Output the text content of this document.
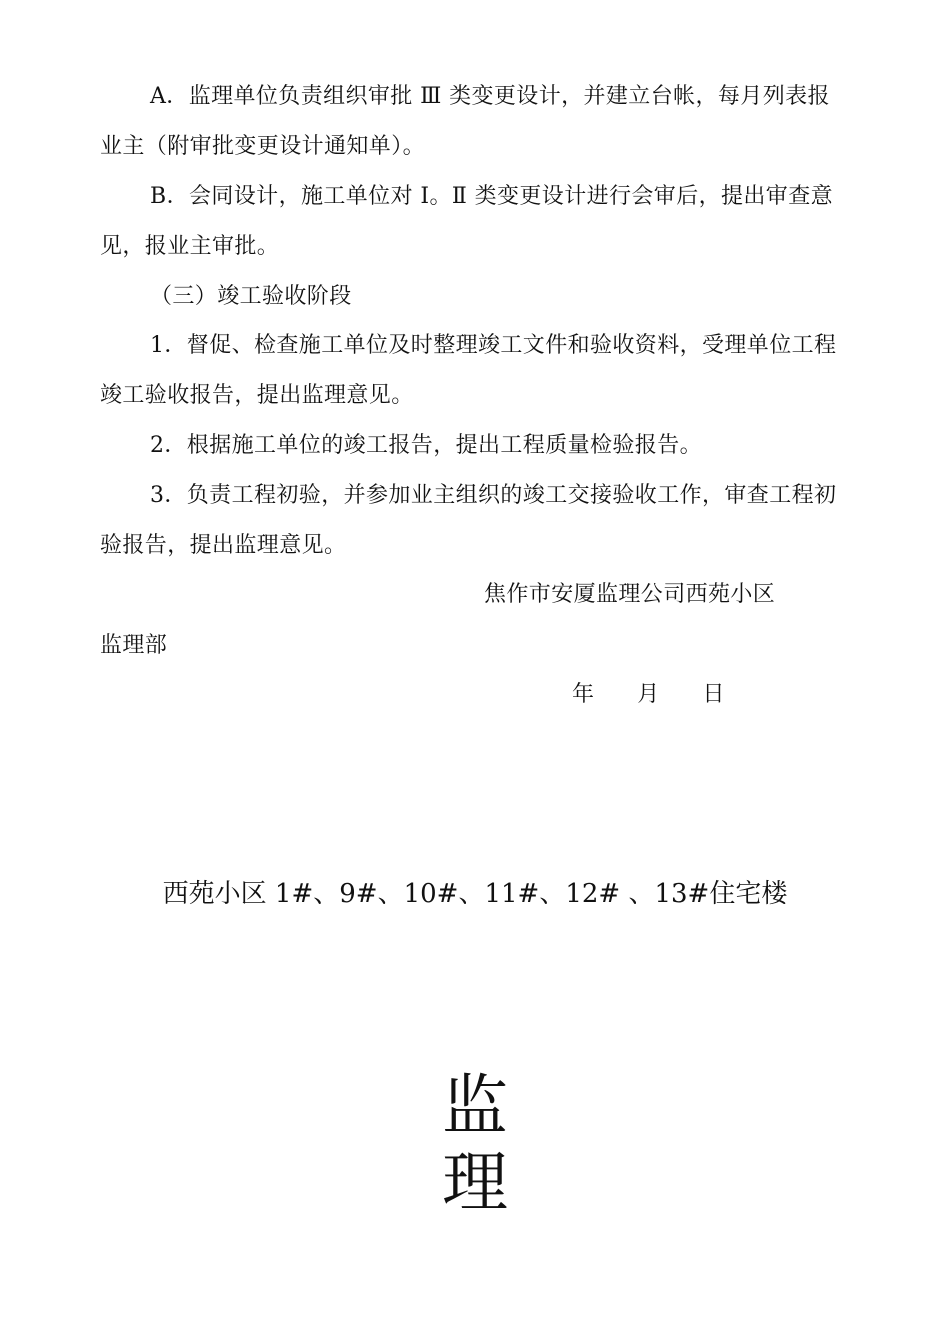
A．监理单位负责组织审批 Ⅲ 类变更设计，并建立台帐，每月列表报
业主（附审批变更设计通知单）。
B．会同设计，施工单位对 I。Ⅱ 类变更设计进行会审后，提出审查意
见，报业主审批。
（三）竣工验收阶段
1．督促、检查施工单位及时整理竣工文件和验收资料，受理单位工程
竣工验收报告，提出监理意见。
2．根据施工单位的竣工报告，提出工程质量检验报告。
3．负责工程初验，并参加业主组织的竣工交接验收工作，审查工程初
验报告，提出监理意见。
焦作市安厦监理公司西苑小区
监理部
年 月 日
西苑小区 1#、9#、10#、11#、12# 、13#住宅楼
监
理
